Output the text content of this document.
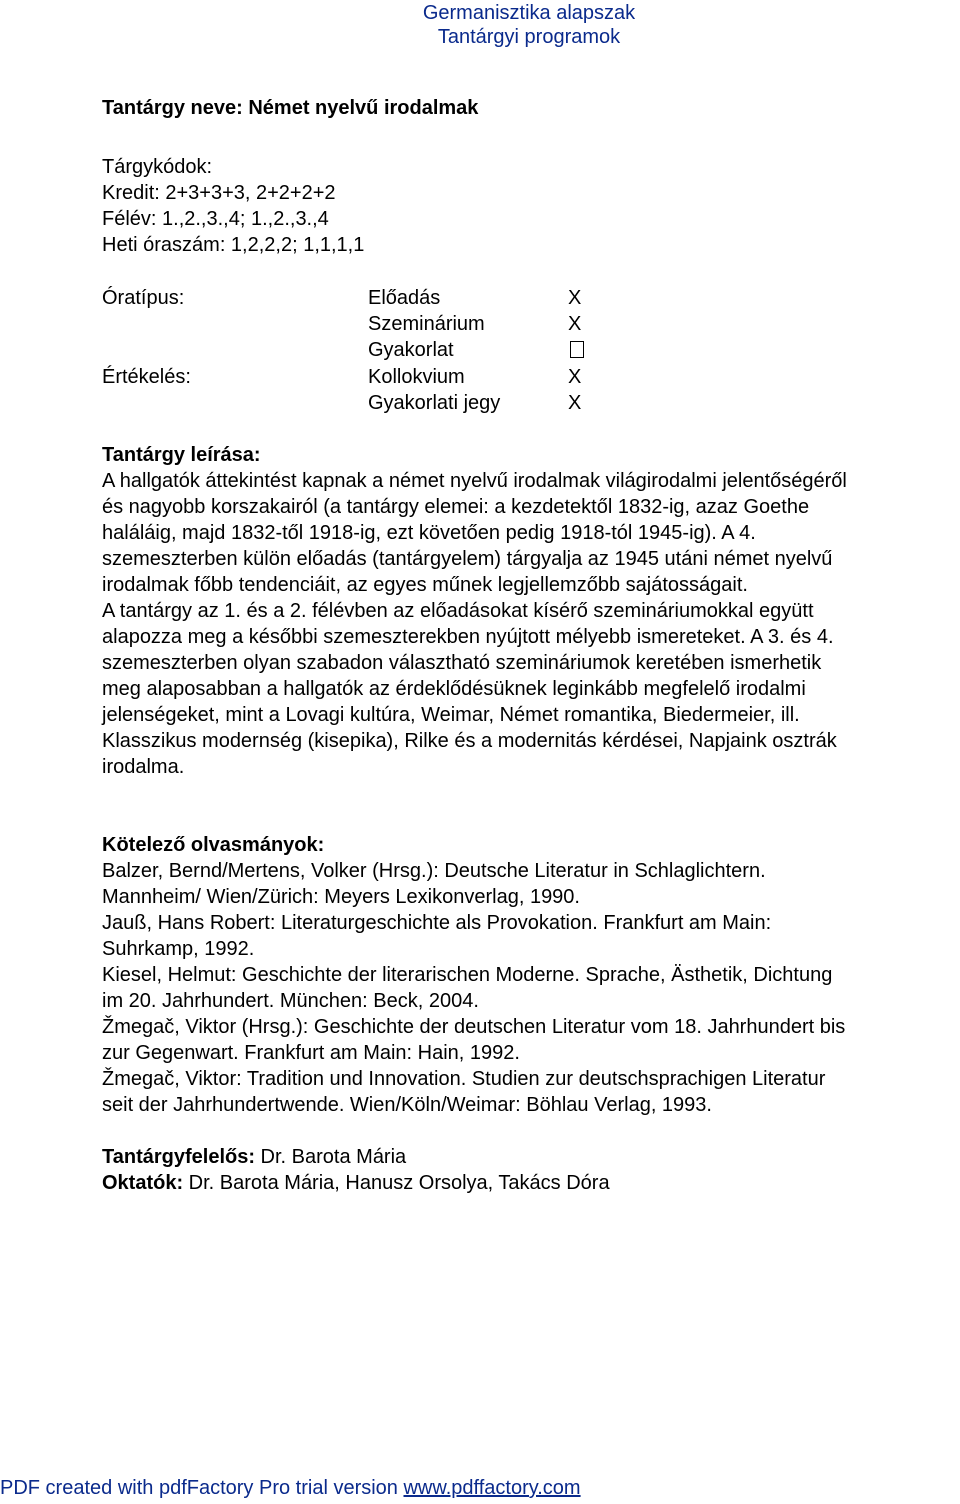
Germanisztika alapszak
Tantárgyi programok
Tantárgy neve: Német nyelvű irodalmak
Tárgykódok:
Kredit: 2+3+3+3, 2+2+2+2
Félév: 1.,2.,3.,4; 1.,2.,3.,4
Heti óraszám: 1,2,2,2; 1,1,1,1
Óratípus:
Értékelés:
Előadás
Szeminárium
Gyakorlat
Kollokvium
Gyakorlati jegy
X
X
X
X
Tantárgy leírása:
A hallgatók áttekintést kapnak a német nyelvű irodalmak világirodalmi jelentőségéről
és nagyobb korszakairól (a tantárgy elemei: a kezdetektől 1832-ig, azaz Goethe
haláláig, majd 1832-től 1918-ig, ezt követően pedig 1918-tól 1945-ig). A 4.
szemeszterben külön előadás (tantárgyelem) tárgyalja az 1945 utáni német nyelvű
irodalmak főbb tendenciáit, az egyes műnek legjellemzőbb sajátosságait.
A tantárgy az 1. és a 2. félévben az előadásokat kísérő szemináriumokkal együtt
alapozza meg a későbbi szemeszterekben nyújtott mélyebb ismereteket. A 3. és 4.
szemeszterben olyan szabadon választható szemináriumok keretében ismerhetik
meg alaposabban a hallgatók az érdeklődésüknek leginkább megfelelő irodalmi
jelenségeket, mint a Lovagi kultúra, Weimar, Német romantika, Biedermeier, ill.
Klasszikus modernség (kisepika), Rilke és a modernitás kérdései, Napjaink osztrák
irodalma.
Kötelező olvasmányok:
Balzer, Bernd/Mertens, Volker (Hrsg.): Deutsche Literatur in Schlaglichtern.
Mannheim/ Wien/Zürich: Meyers Lexikonverlag, 1990.
Jauß, Hans Robert: Literaturgeschichte als Provokation. Frankfurt am Main:
Suhrkamp, 1992.
Kiesel, Helmut: Geschichte der literarischen Moderne. Sprache, Ästhetik, Dichtung
im 20. Jahrhundert. München: Beck, 2004.
Žmegač, Viktor (Hrsg.): Geschichte der deutschen Literatur vom 18. Jahrhundert bis
zur Gegenwart. Frankfurt am Main: Hain, 1992.
Žmegač, Viktor: Tradition und Innovation. Studien zur deutschsprachigen Literatur
seit der Jahrhundertwende. Wien/Köln/Weimar: Böhlau Verlag, 1993.
Tantárgyfelelős: Dr. Barota Mária
Oktatók: Dr. Barota Mária, Hanusz Orsolya, Takács Dóra
PDF created with pdfFactory Pro trial version www.pdffactory.com
